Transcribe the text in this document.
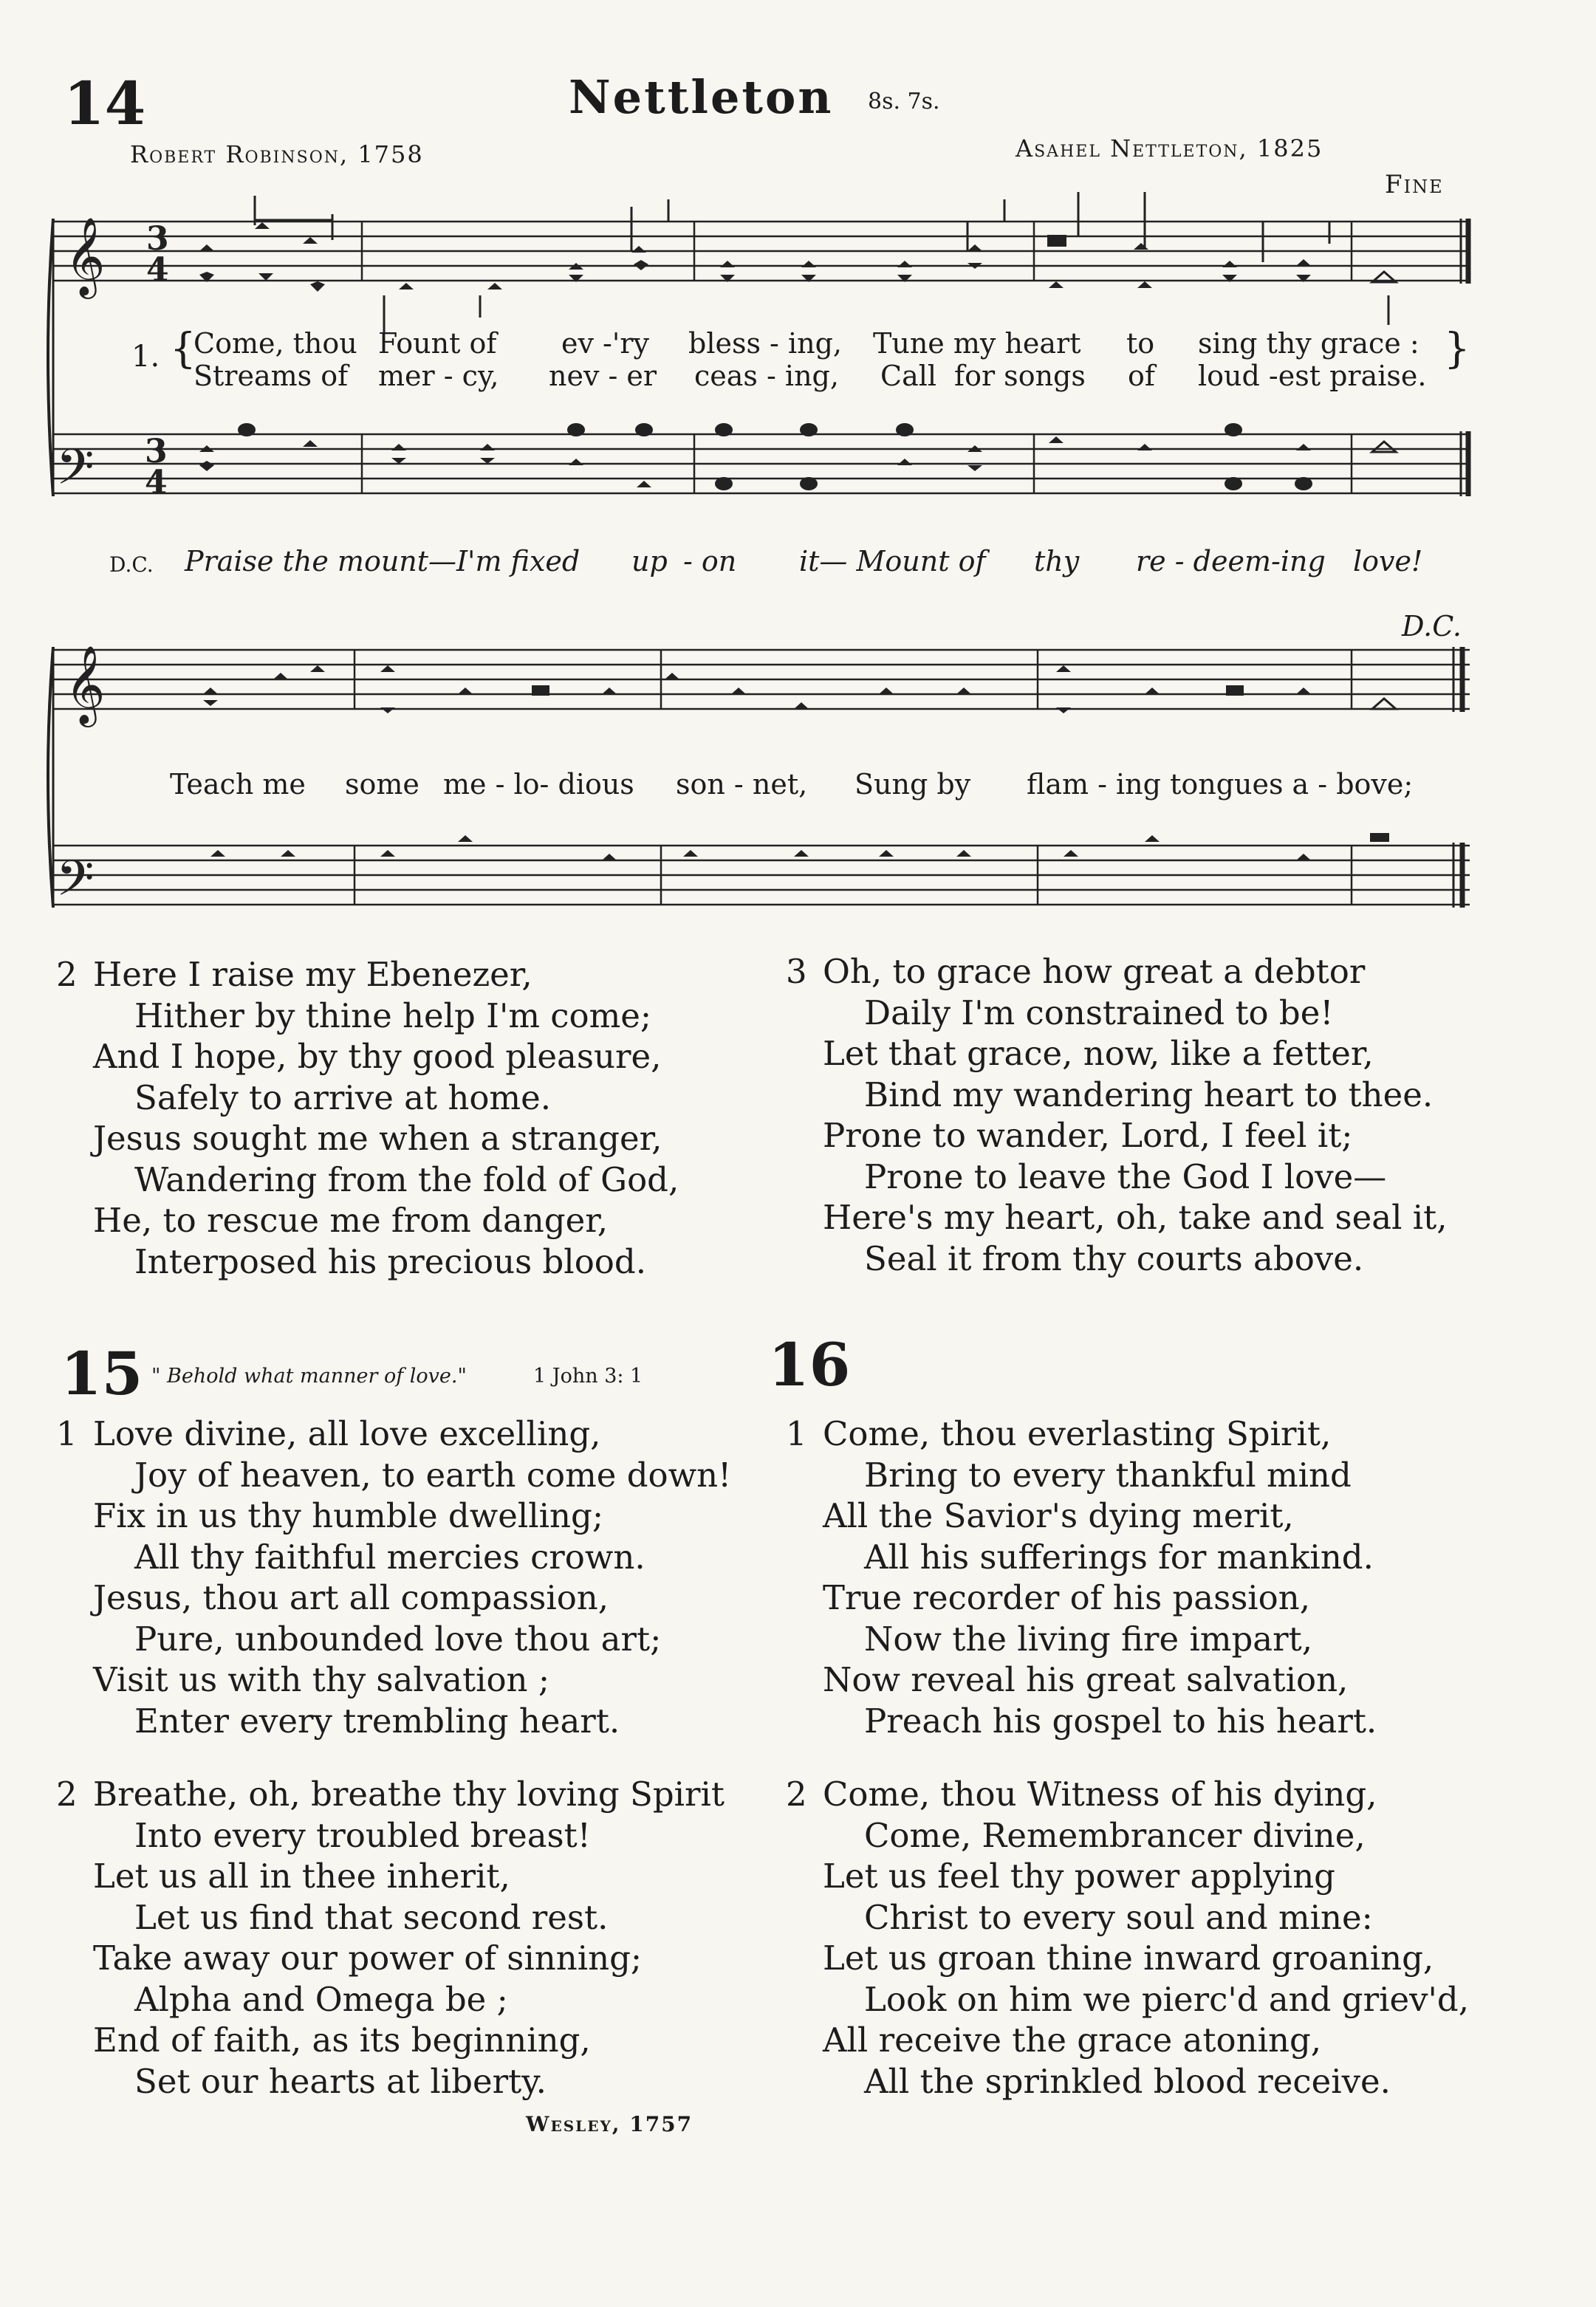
14	Nettleton 8s. 7s.
Robert Robinson, 1758	Asahel Nettleton, 1825
Fine
𝄞
𝄢
3
4
3
4
1. {	}
Come, thou Fount of ev -'ry bless - ing, Tune my heart to sing thy grace :
Streams of mer - cy, nev - er ceas - ing, Call for songs of loud -est praise.
D.C. Praise the mount—I'm fixed up - on it— Mount of thy re - deem-ing love!
D.C.
𝄞
𝄢
Teach me some me - lo- dious son - net, Sung by flam - ing tongues a - bove;
2 Here I raise my Ebenezer,
Hither by thine help I'm come;
And I hope, by thy good pleasure,
Safely to arrive at home.
Jesus sought me when a stranger,
Wandering from the fold of God,
He, to rescue me from danger,
Interposed his precious blood.
3 Oh, to grace how great a debtor
Daily I'm constrained to be!
Let that grace, now, like a fetter,
Bind my wandering heart to thee.
Prone to wander, Lord, I feel it;
Prone to leave the God I love—
Here's my heart, oh, take and seal it,
Seal it from thy courts above.
15 " Behold what manner of love."	1 John 3: 1
1 Love divine, all love excelling,
Joy of heaven, to earth come down!
Fix in us thy humble dwelling;
All thy faithful mercies crown.
Jesus, thou art all compassion,
Pure, unbounded love thou art;
Visit us with thy salvation ;
Enter every trembling heart.
2 Breathe, oh, breathe thy loving Spirit
Into every troubled breast!
Let us all in thee inherit,
Let us find that second rest.
Take away our power of sinning;
Alpha and Omega be ;
End of faith, as its beginning,
Set our hearts at liberty.
Wesley, 1757
16
1 Come, thou everlasting Spirit,
Bring to every thankful mind
All the Savior's dying merit,
All his sufferings for mankind.
True recorder of his passion,
Now the living fire impart,
Now reveal his great salvation,
Preach his gospel to his heart.
2 Come, thou Witness of his dying,
Come, Remembrancer divine,
Let us feel thy power applying
Christ to every soul and mine:
Let us groan thine inward groaning,
Look on him we pierc'd and griev'd,
All receive the grace atoning,
All the sprinkled blood receive.
